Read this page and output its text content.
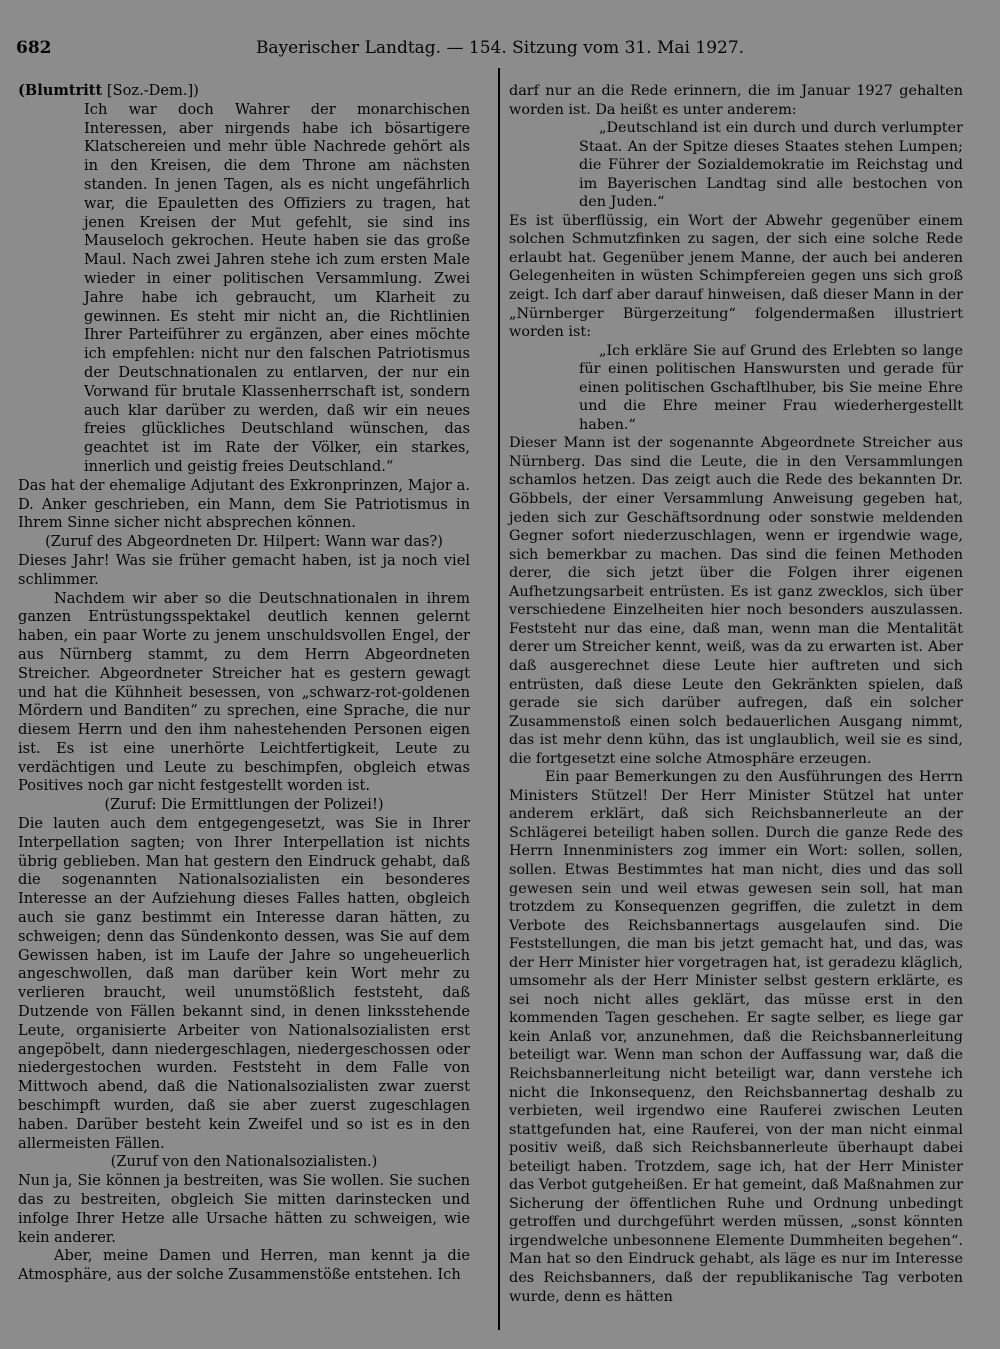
682	Bayerischer Landtag. — 154. Sitzung vom 31. Mai 1927.

(Blumtritt [Soz.-Dem.])

Ich war doch Wahrer der monarchischen Interessen, aber nirgends habe ich bösartigere Klatschereien und mehr üble Nachrede gehört als in den Kreisen, die dem Throne am nächsten standen. In jenen Tagen, als es nicht ungefährlich war, die Epauletten des Offiziers zu tragen, hat jenen Kreisen der Mut gefehlt, sie sind ins Mauseloch gekrochen. Heute haben sie das große Maul. Nach zwei Jahren stehe ich zum ersten Male wieder in einer politischen Versammlung. Zwei Jahre habe ich gebraucht, um Klarheit zu gewinnen. Es steht mir nicht an, die Richtlinien Ihrer Parteiführer zu ergänzen, aber eines möchte ich empfehlen: nicht nur den falschen Patriotismus der Deutschnationalen zu entlarven, der nur ein Vorwand für brutale Klassenherrschaft ist, sondern auch klar darüber zu werden, daß wir ein neues freies glückliches Deutschland wünschen, das geachtet ist im Rate der Völker, ein starkes, innerlich und geistig freies Deutschland.“

Das hat der ehemalige Adjutant des Exkronprinzen, Major a. D. Anker geschrieben, ein Mann, dem Sie Patriotismus in Ihrem Sinne sicher nicht absprechen können.

(Zuruf des Abgeordneten Dr. Hilpert: Wann war das?)

Dieses Jahr! Was sie früher gemacht haben, ist ja noch viel schlimmer.

Nachdem wir aber so die Deutschnationalen in ihrem ganzen Entrüstungsspektakel deutlich kennen gelernt haben, ein paar Worte zu jenem unschuldsvollen Engel, der aus Nürnberg stammt, zu dem Herrn Abgeordneten Streicher. Abgeordneter Streicher hat es gestern gewagt und hat die Kühnheit besessen, von „schwarz-rot-goldenen Mördern und Banditen“ zu sprechen, eine Sprache, die nur diesem Herrn und den ihm nahestehenden Personen eigen ist. Es ist eine unerhörte Leichtfertigkeit, Leute zu verdächtigen und Leute zu beschimpfen, obgleich etwas Positives noch gar nicht festgestellt worden ist.

(Zuruf: Die Ermittlungen der Polizei!)

Die lauten auch dem entgegengesetzt, was Sie in Ihrer Interpellation sagten; von Ihrer Interpellation ist nichts übrig geblieben. Man hat gestern den Eindruck gehabt, daß die sogenannten Nationalsozialisten ein besonderes Interesse an der Aufziehung dieses Falles hatten, obgleich auch sie ganz bestimmt ein Interesse daran hätten, zu schweigen; denn das Sündenkonto dessen, was Sie auf dem Gewissen haben, ist im Laufe der Jahre so ungeheuerlich angeschwollen, daß man darüber kein Wort mehr zu verlieren braucht, weil unumstößlich feststeht, daß Dutzende von Fällen bekannt sind, in denen linksstehende Leute, organisierte Arbeiter von Nationalsozialisten erst angepöbelt, dann niedergeschlagen, niedergeschossen oder niedergestochen wurden. Feststeht in dem Falle von Mittwoch abend, daß die Nationalsozialisten zwar zuerst beschimpft wurden, daß sie aber zuerst zugeschlagen haben. Darüber besteht kein Zweifel und so ist es in den allermeisten Fällen.

(Zuruf von den Nationalsozialisten.)

Nun ja, Sie können ja bestreiten, was Sie wollen. Sie suchen das zu bestreiten, obgleich Sie mitten darinstecken und infolge Ihrer Hetze alle Ursache hätten zu schweigen, wie kein anderer.

Aber, meine Damen und Herren, man kennt ja die Atmosphäre, aus der solche Zusammenstöße entstehen. Ich

darf nur an die Rede erinnern, die im Januar 1927 gehalten worden ist. Da heißt es unter anderem:

„Deutschland ist ein durch und durch verlumpter Staat. An der Spitze dieses Staates stehen Lumpen; die Führer der Sozialdemokratie im Reichstag und im Bayerischen Landtag sind alle bestochen von den Juden.“

Es ist überflüssig, ein Wort der Abwehr gegenüber einem solchen Schmutzfinken zu sagen, der sich eine solche Rede erlaubt hat. Gegenüber jenem Manne, der auch bei anderen Gelegenheiten in wüsten Schimpfereien gegen uns sich groß zeigt. Ich darf aber darauf hinweisen, daß dieser Mann in der „Nürnberger Bürgerzeitung“ folgendermaßen illustriert worden ist:

„Ich erkläre Sie auf Grund des Erlebten so lange für einen politischen Hanswursten und gerade für einen politischen Gschaftlhuber, bis Sie meine Ehre und die Ehre meiner Frau wiederhergestellt haben.“

Dieser Mann ist der sogenannte Abgeordnete Streicher aus Nürnberg. Das sind die Leute, die in den Versammlungen schamlos hetzen. Das zeigt auch die Rede des bekannten Dr. Göbbels, der einer Versammlung Anweisung gegeben hat, jeden sich zur Geschäftsordnung oder sonstwie meldenden Gegner sofort niederzuschlagen, wenn er irgendwie wage, sich bemerkbar zu machen. Das sind die feinen Methoden derer, die sich jetzt über die Folgen ihrer eigenen Aufhetzungsarbeit entrüsten. Es ist ganz zwecklos, sich über verschiedene Einzelheiten hier noch besonders auszulassen. Feststeht nur das eine, daß man, wenn man die Mentalität derer um Streicher kennt, weiß, was da zu erwarten ist. Aber daß ausgerechnet diese Leute hier auftreten und sich entrüsten, daß diese Leute den Gekränkten spielen, daß gerade sie sich darüber aufregen, daß ein solcher Zusammenstoß einen solch bedauerlichen Ausgang nimmt, das ist mehr denn kühn, das ist unglaublich, weil sie es sind, die fortgesetzt eine solche Atmosphäre erzeugen.

Ein paar Bemerkungen zu den Ausführungen des Herrn Ministers Stützel! Der Herr Minister Stützel hat unter anderem erklärt, daß sich Reichsbannerleute an der Schlägerei beteiligt haben sollen. Durch die ganze Rede des Herrn Innenministers zog immer ein Wort: sollen, sollen, sollen. Etwas Bestimmtes hat man nicht, dies und das soll gewesen sein und weil etwas gewesen sein soll, hat man trotzdem zu Konsequenzen gegriffen, die zuletzt in dem Verbote des Reichsbannertags ausgelaufen sind. Die Feststellungen, die man bis jetzt gemacht hat, und das, was der Herr Minister hier vorgetragen hat, ist geradezu kläglich, umsomehr als der Herr Minister selbst gestern erklärte, es sei noch nicht alles geklärt, das müsse erst in den kommenden Tagen geschehen. Er sagte selber, es liege gar kein Anlaß vor, anzunehmen, daß die Reichsbannerleitung beteiligt war. Wenn man schon der Auffassung war, daß die Reichsbannerleitung nicht beteiligt war, dann verstehe ich nicht die Inkonsequenz, den Reichsbannertag deshalb zu verbieten, weil irgendwo eine Rauferei zwischen Leuten stattgefunden hat, eine Rauferei, von der man nicht einmal positiv weiß, daß sich Reichsbannerleute überhaupt dabei beteiligt haben. Trotzdem, sage ich, hat der Herr Minister das Verbot gutgeheißen. Er hat gemeint, daß Maßnahmen zur Sicherung der öffentlichen Ruhe und Ordnung unbedingt getroffen und durchgeführt werden müssen, „sonst könnten irgendwelche unbesonnene Elemente Dummheiten begehen“. Man hat so den Eindruck gehabt, als läge es nur im Interesse des Reichsbanners, daß der republikanische Tag verboten wurde, denn es hätten
